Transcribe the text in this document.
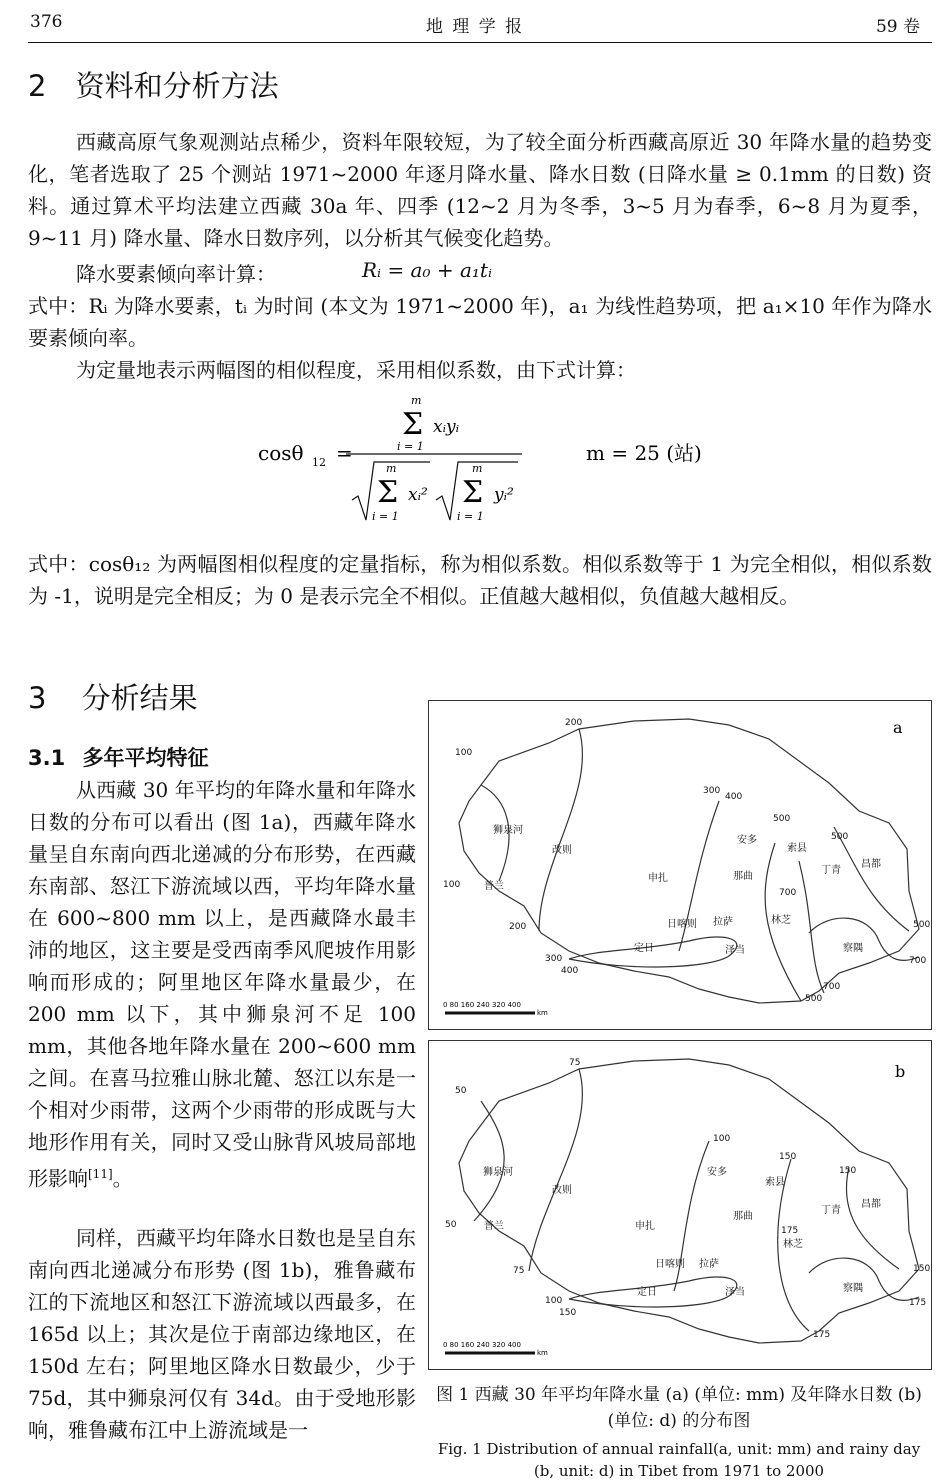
376	地 理 学 报	59 卷
2 资料和分析方法
西藏高原气象观测站点稀少，资料年限较短，为了较全面分析西藏高原近 30 年降水量的趋势变化，笔者选取了 25 个测站 1971~2000 年逐月降水量、降水日数 (日降水量 ≥ 0.1mm 的日数) 资料。通过算术平均法建立西藏 30a 年、四季 (12~2 月为冬季，3~5 月为春季，6~8 月为夏季，9~11 月) 降水量、降水日数序列，以分析其气候变化趋势。
降水要素倾向率计算：	Rᵢ = a₀ + a₁tᵢ
式中：Rᵢ 为降水要素，tᵢ 为时间 (本文为 1971~2000 年)，a₁ 为线性趋势项，把 a₁×10 年作为降水要素倾向率。
为定量地表示两幅图的相似程度，采用相似系数，由下式计算：
cosθ 12 =
m
Σ
i = 1
xᵢyᵢ
m
Σ
i = 1
xᵢ²
m
Σ
i = 1
yᵢ²
m = 25 (站)
式中：cosθ₁₂ 为两幅图相似程度的定量指标，称为相似系数。相似系数等于 1 为完全相似，相似系数为 -1，说明是完全相反；为 0 是表示完全不相似。正值越大越相似，负值越大越相反。
3 分析结果
3.1 多年平均特征
从西藏 30 年平均的年降水量和年降水日数的分布可以看出 (图 1a)，西藏年降水量呈自东南向西北递减的分布形势，在西藏东南部、怒江下游流域以西，平均年降水量在 600~800 mm 以上，是西藏降水最丰沛的地区，这主要是受西南季风爬坡作用影响而形成的；阿里地区年降水量最少，在 200 mm 以下，其中狮泉河不足 100 mm，其他各地年降水量在 200~600 mm 之间。在喜马拉雅山脉北麓、怒江以东是一个相对少雨带，这两个少雨带的形成既与大地形作用有关，同时又受山脉背风坡局部地形影响[11]。
同样，西藏平均年降水日数也是呈自东南向西北递减分布形势 (图 1b)，雅鲁藏布江的下流地区和怒江下游流域以西最多，在 165d 以上；其次是位于南部边缘地区，在 150d 左右；阿里地区降水日数最少，少于 75d，其中狮泉河仅有 34d。由于受地形影响，雅鲁藏布江中上游流域是一
狮泉河
改则
普兰
申扎
安多
索县
那曲
丁青
昌都
日喀则 拉萨	林芝
定日	泽当	察隅
100
200
300
400
500
500
700
100
200
300
400
500
700
500
700
a
0 80 160 240 320 400
km
狮泉河
改则
普兰	申扎
安多
索县
那曲
丁青
昌都
日喀则 拉萨
林芝
定日	泽当	察隅
50
75
100
150
150
175
50
75
100
150
150
175
175
b
0 80 160 240 320 400
km
图 1 西藏 30 年平均年降水量 (a) (单位: mm) 及年降水日数 (b) (单位: d) 的分布图
Fig. 1 Distribution of annual rainfall(a, unit: mm) and rainy day (b, unit: d) in Tibet from 1971 to 2000
